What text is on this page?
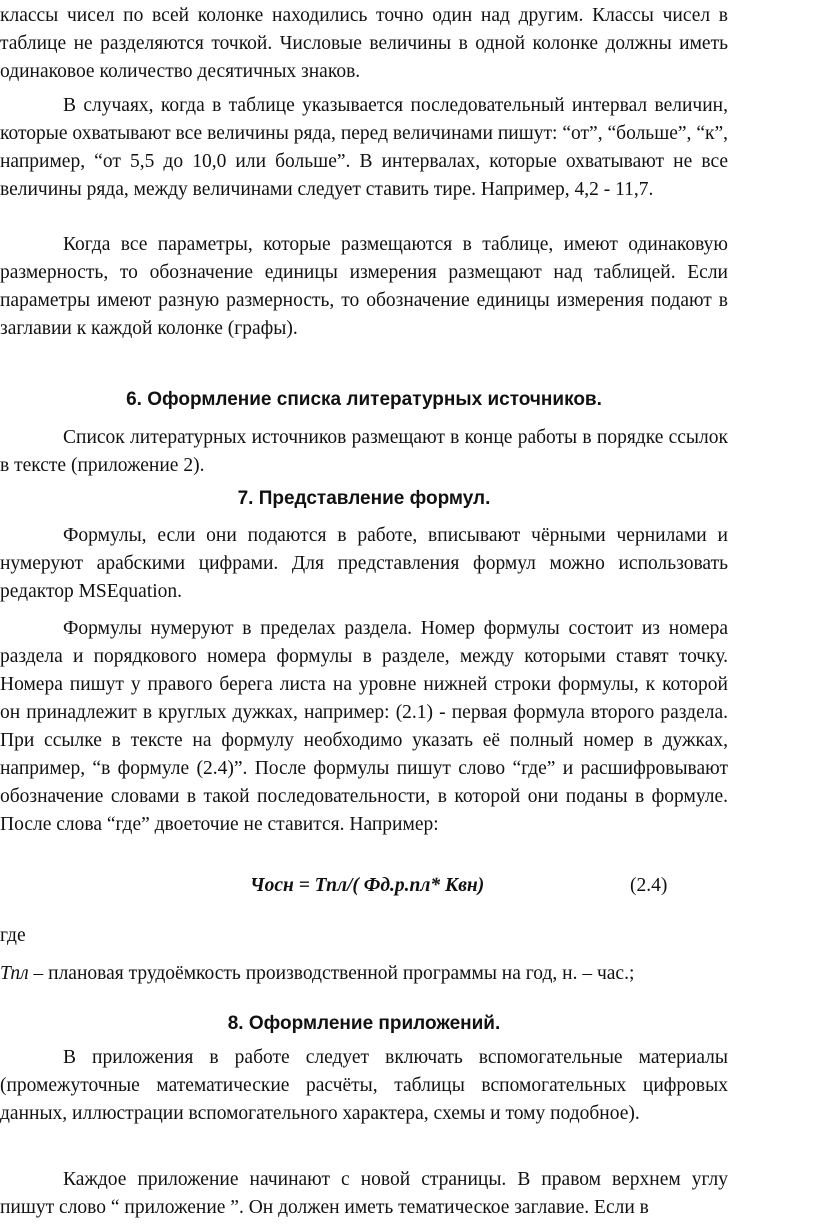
классы чисел по всей колонке находились точно один над другим. Классы чисел в таблице не разделяются точкой. Числовые величины в одной колонке должны иметь одинаковое количество десятичных знаков.

В случаях, когда в таблице указывается последовательный интервал величин, которые охватывают все величины ряда, перед величинами пишут: “от”, “больше”, “к”, например, “от 5,5 до 10,0 или больше”. В интервалах, которые охватывают не все величины ряда, между величинами следует ставить тире. Например, 4,2 - 11,7.

Когда все параметры, которые размещаются в таблице, имеют одинаковую размерность, то обозначение единицы измерения размещают над таблицей. Если параметры имеют разную размерность, то обозначение единицы измерения подают в заглавии к каждой колонке (графы).

6. Оформление списка литературных источников.

Список литературных источников размещают в конце работы в порядке ссылок в тексте (приложение 2).

7. Представление формул.

Формулы, если они подаются в работе, вписывают чёрными чернилами и нумеруют арабскими цифрами. Для представления формул можно использовать редактор MSEquation.

Формулы нумеруют в пределах раздела. Номер формулы состоит из номера раздела и порядкового номера формулы в разделе, между которыми ставят точку. Номера пишут у правого берега листа на уровне нижней строки формулы, к которой он принадлежит в круглых дужках, например: (2.1) - первая формула второго раздела. При ссылке в тексте на формулу необходимо указать её полный номер в дужках, например, “в формуле (2.4)”. После формулы пишут слово “где” и расшифровывают обозначение словами в такой последовательности, в которой они поданы в формуле. После слова “где” двоеточие не ставится. Например:

Чосн = Тпл/( Фд.р.пл* Квн)	(2.4)

где

Тпл – плановая трудоёмкость производственной программы на год, н. – час.;

8. Оформление приложений.

В приложения в работе следует включать вспомогательные материалы (промежуточные математические расчёты, таблицы вспомогательных цифровых данных, иллюстрации вспомогательного характера, схемы и тому подобное).

Каждое приложение начинают с новой страницы. В правом верхнем углу пишут слово “ приложение ”. Он должен иметь тематическое заглавие. Если в
